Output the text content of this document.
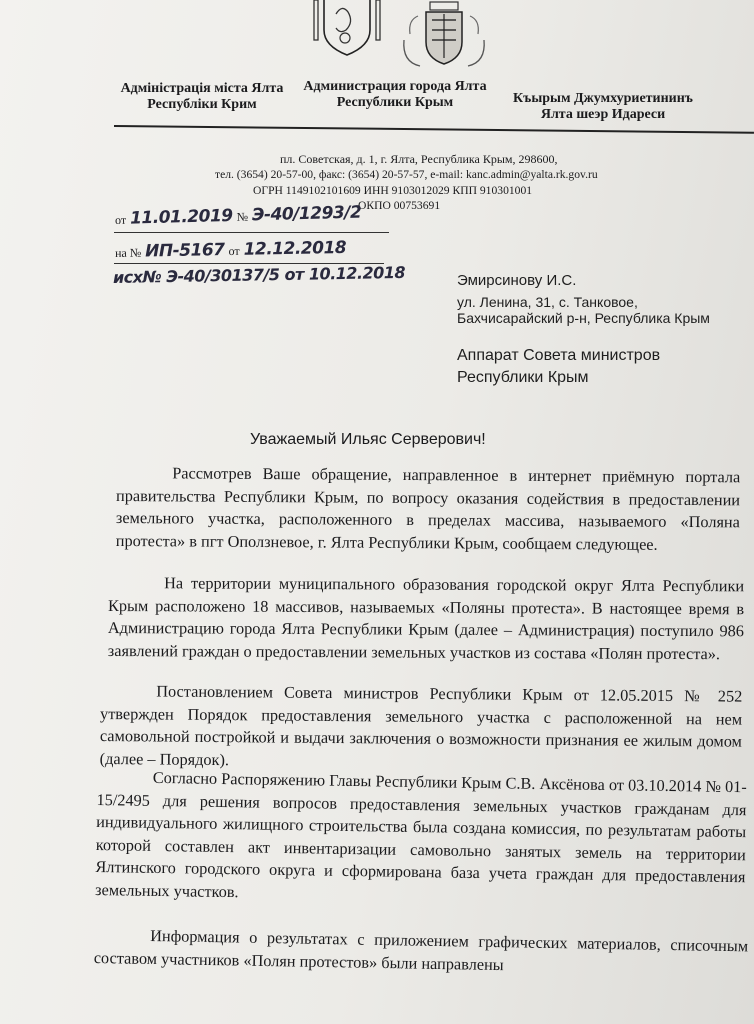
Адміністрація міста Ялта
Республіки Крим
Администрация города Ялта
Республики Крым	Къырым Джумхуриетининъ
Ялта шеэр Идареси
пл. Советская, д. 1, г. Ялта, Республика Крым, 298600,
тел. (3654) 20-57-00, факс: (3654) 20-57-57, e-mail: kanc.admin@yalta.rk.gov.ru
ОГРН 1149102101609 ИНН 9103012029 КПП 910301001
ОКПО 00753691
от 11.01.2019 № Э-40/1293/2
на № ИП-5167 от 12.12.2018
исх№ Э-40/30137/5 от 10.12.2018	Эмирсинову И.С.
ул. Ленина, 31, с. Танковое,
Бахчисарайский р-н, Республика Крым
Аппарат Совета министров
Республики Крым
Уважаемый Ильяс Серверович!
Рассмотрев Ваше обращение, направленное в интернет приёмную портала правительства Республики Крым, по вопросу оказания содействия в предоставлении земельного участка, расположенного в пределах массива, называемого «Поляна протеста» в пгт Оползневое, г. Ялта Республики Крым, сообщаем следующее.
На территории муниципального образования городской округ Ялта Республики Крым расположено 18 массивов, называемых «Поляны протеста». В настоящее время в Администрацию города Ялта Республики Крым (далее – Администрация) поступило 986 заявлений граждан о предоставлении земельных участков из состава «Полян протеста».
Постановлением Совета министров Республики Крым от 12.05.2015 № 252 утвержден Порядок предоставления земельного участка с расположенной на нем самовольной постройкой и выдачи заключения о возможности признания ее жилым домом (далее – Порядок).
Согласно Распоряжению Главы Республики Крым С.В. Аксёнова от 03.10.2014 № 01-15/2495 для решения вопросов предоставления земельных участков гражданам для индивидуального жилищного строительства была создана комиссия, по результатам работы которой составлен акт инвентаризации самовольно занятых земель на территории Ялтинского городского округа и сформирована база учета граждан для предоставления земельных участков.
Информация о результатах с приложением графических материалов, списочным составом участников «Полян протестов» были направлены
